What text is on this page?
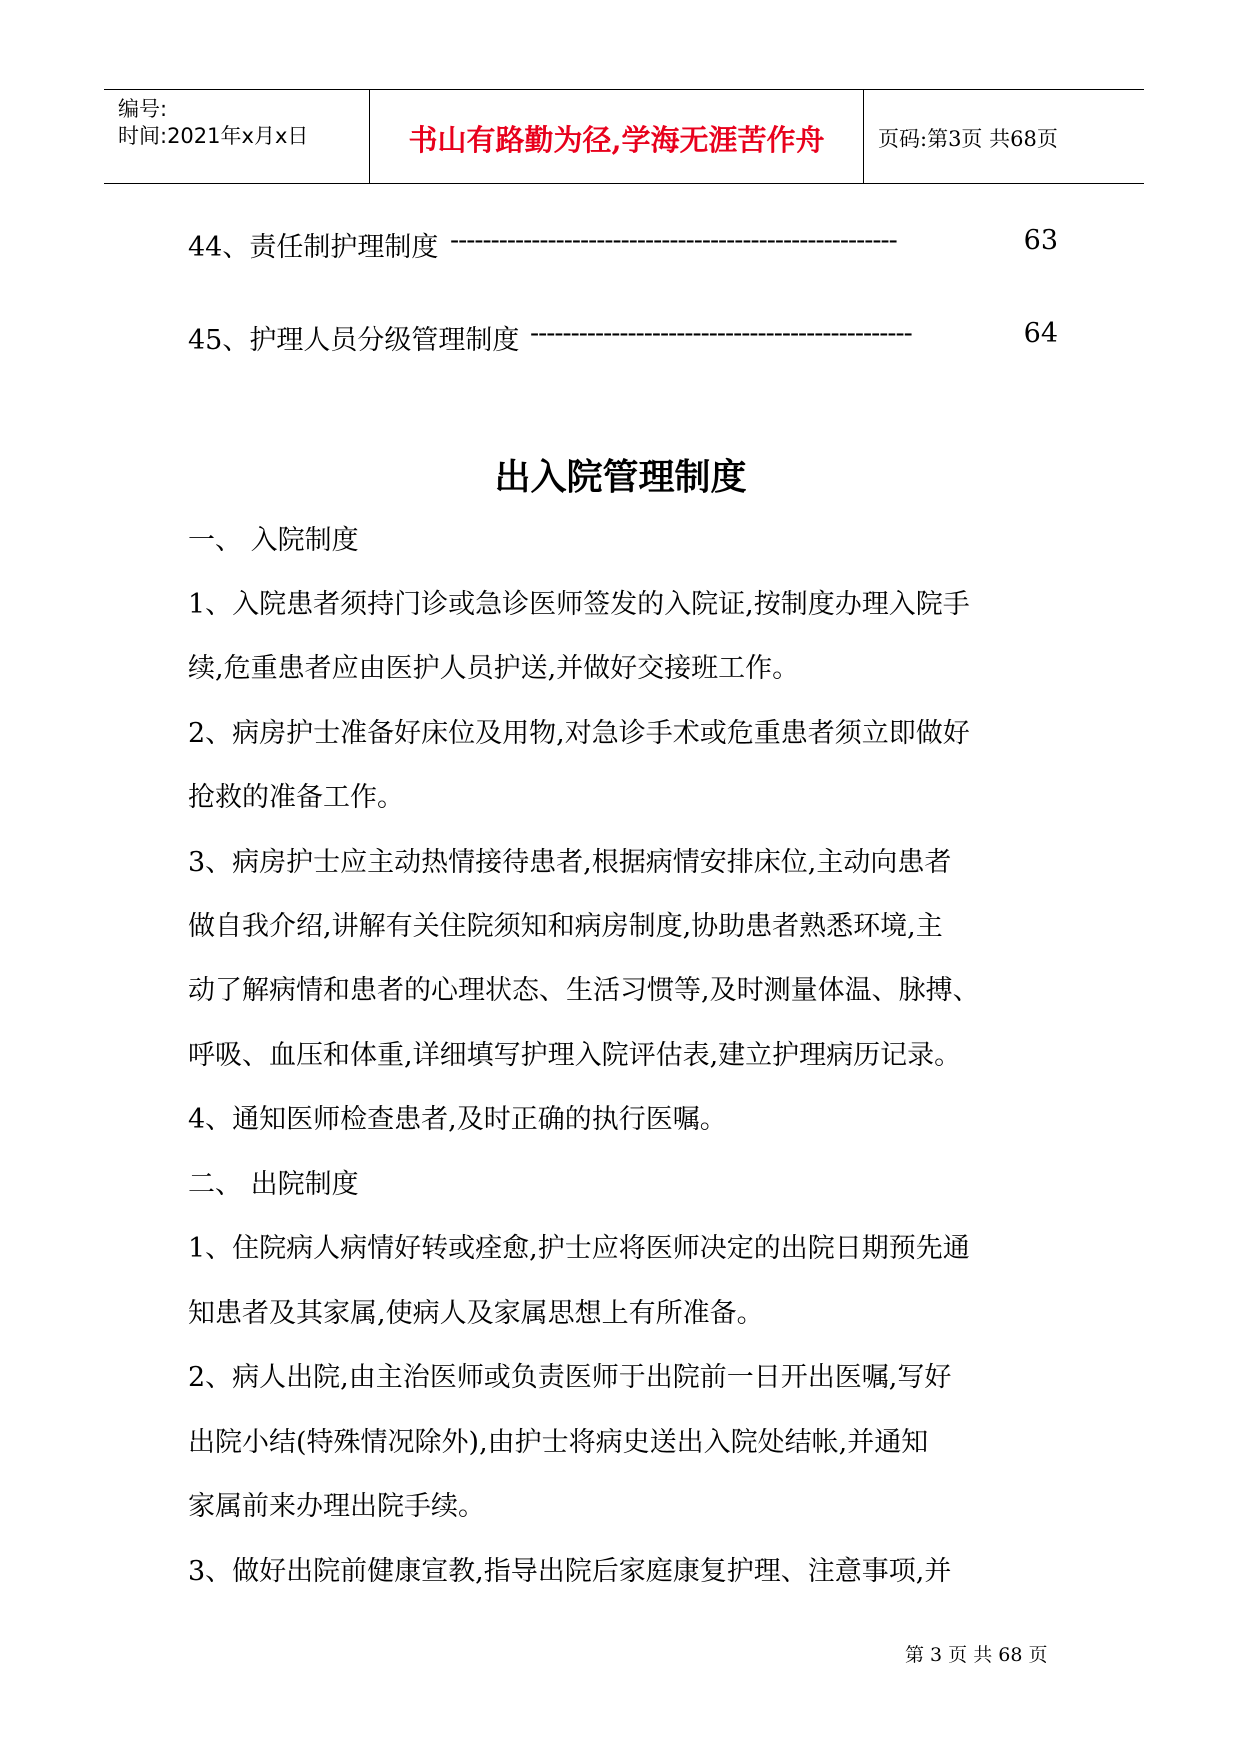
编号:
时间:2021年x月x日	书山有路勤为径,学海无涯苦作舟	页码:第3页 共68页
44、责任制护理制度 -------------------------------------------------------	63
45、护理人员分级管理制度 -----------------------------------------------	64
出入院管理制度
一、 入院制度
1、入院患者须持门诊或急诊医师签发的入院证,按制度办理入院手
续,危重患者应由医护人员护送,并做好交接班工作。
2、病房护士准备好床位及用物,对急诊手术或危重患者须立即做好
抢救的准备工作。
3、病房护士应主动热情接待患者,根据病情安排床位,主动向患者
做自我介绍,讲解有关住院须知和病房制度,协助患者熟悉环境,主
动了解病情和患者的心理状态、生活习惯等,及时测量体温、脉搏、
呼吸、血压和体重,详细填写护理入院评估表,建立护理病历记录。
4、通知医师检查患者,及时正确的执行医嘱。
二、 出院制度
1、住院病人病情好转或痊愈,护士应将医师决定的出院日期预先通
知患者及其家属,使病人及家属思想上有所准备。
2、病人出院,由主治医师或负责医师于出院前一日开出医嘱,写好
出院小结(特殊情况除外),由护士将病史送出入院处结帐,并通知
家属前来办理出院手续。
3、做好出院前健康宣教,指导出院后家庭康复护理、注意事项,并
第 3 页 共 68 页
